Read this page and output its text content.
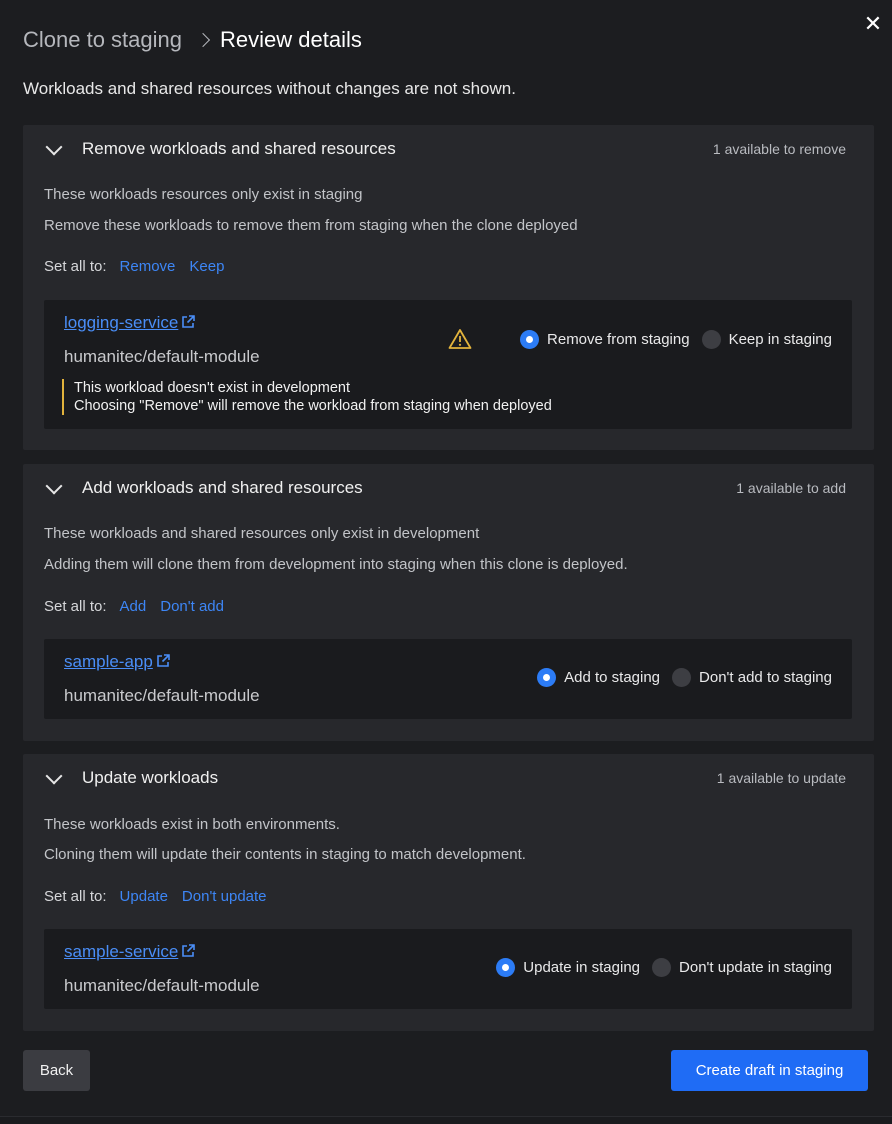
✕
Clone to staging Review details
Workloads and shared resources without changes are not shown.
Remove workloads and shared resources	1 available to remove
These workloads resources only exist in staging
Remove these workloads to remove them from staging when the clone deployed
Set all to: Remove Keep
logging-service
humanitec/default-module
Remove from staging	Keep in staging
This workload doesn't exist in development
Choosing "Remove" will remove the workload from staging when deployed
Add workloads and shared resources	1 available to add
These workloads and shared resources only exist in development
Adding them will clone them from development into staging when this clone is deployed.
Set all to: Add Don't add
sample-app
humanitec/default-module
Add to staging	Don't add to staging
Update workloads	1 available to update
These workloads exist in both environments.
Cloning them will update their contents in staging to match development.
Set all to: Update Don't update
sample-service
humanitec/default-module
Update in staging	Don't update in staging
Back	Create draft in staging
